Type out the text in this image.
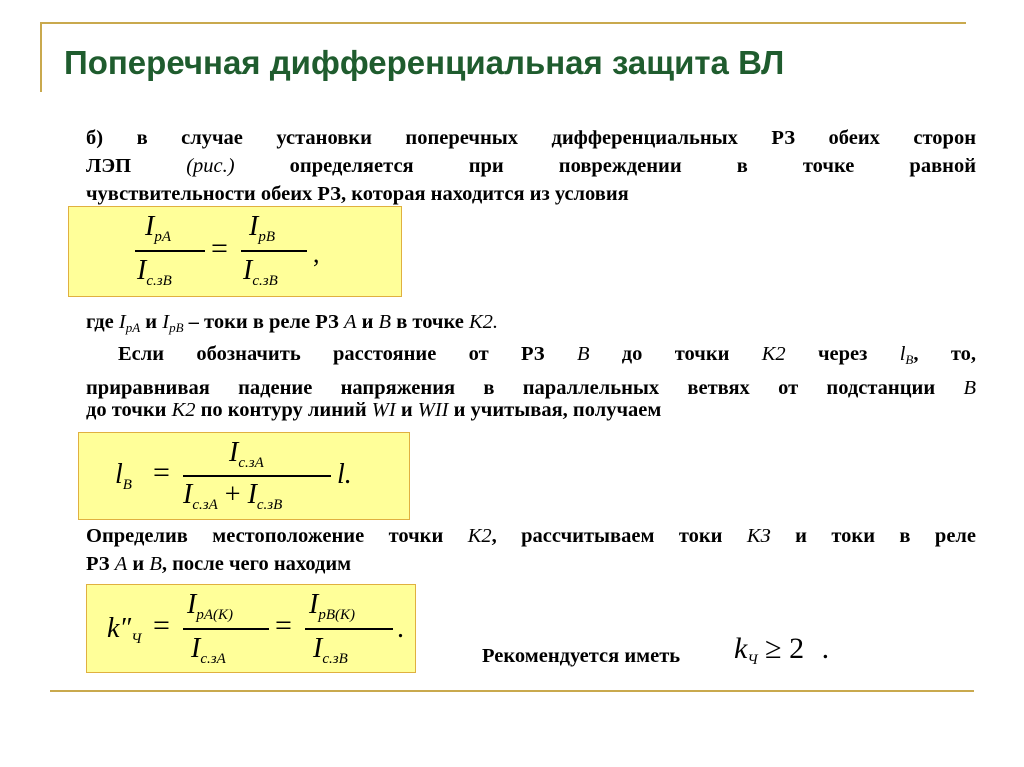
Поперечная дифференциальная защита ВЛ
б) в случае установки поперечных дифференциальных РЗ обеих сторон
ЛЭП	(рис.)	определяется при повреждении в точке равной
чувствительности обеих РЗ, которая находится из условия
$I_{pA}$
$I_{c.зB}$
=
$I_{pB}$
$I_{c.зB}$
,
где $I_{pA}$ и $I_{pB}$ – токи в реле РЗ А и В в точке К2.
Если обозначить расстояние от РЗ В до точки К2 через $l_B$, то,
приравнивая падение напряжения в параллельных ветвях от подстанции B
до точки К2 по контуру линий WI и WII и учитывая, получаем
$l_B$ =
$I_{c.зA}$
$I_{c.зA} + I_{c.зB}$
l.
Определив местоположение точки К2, рассчитываем токи КЗ и токи в реле
РЗ А и В, после чего находим
$k''_Ч$ =
$I_{pA(K)}$
$I_{c.зA}$
=
$I_{pB(K)}$
$I_{c.зB}$
.
Рекомендуется иметь $k_Ч \ge 2$ .
